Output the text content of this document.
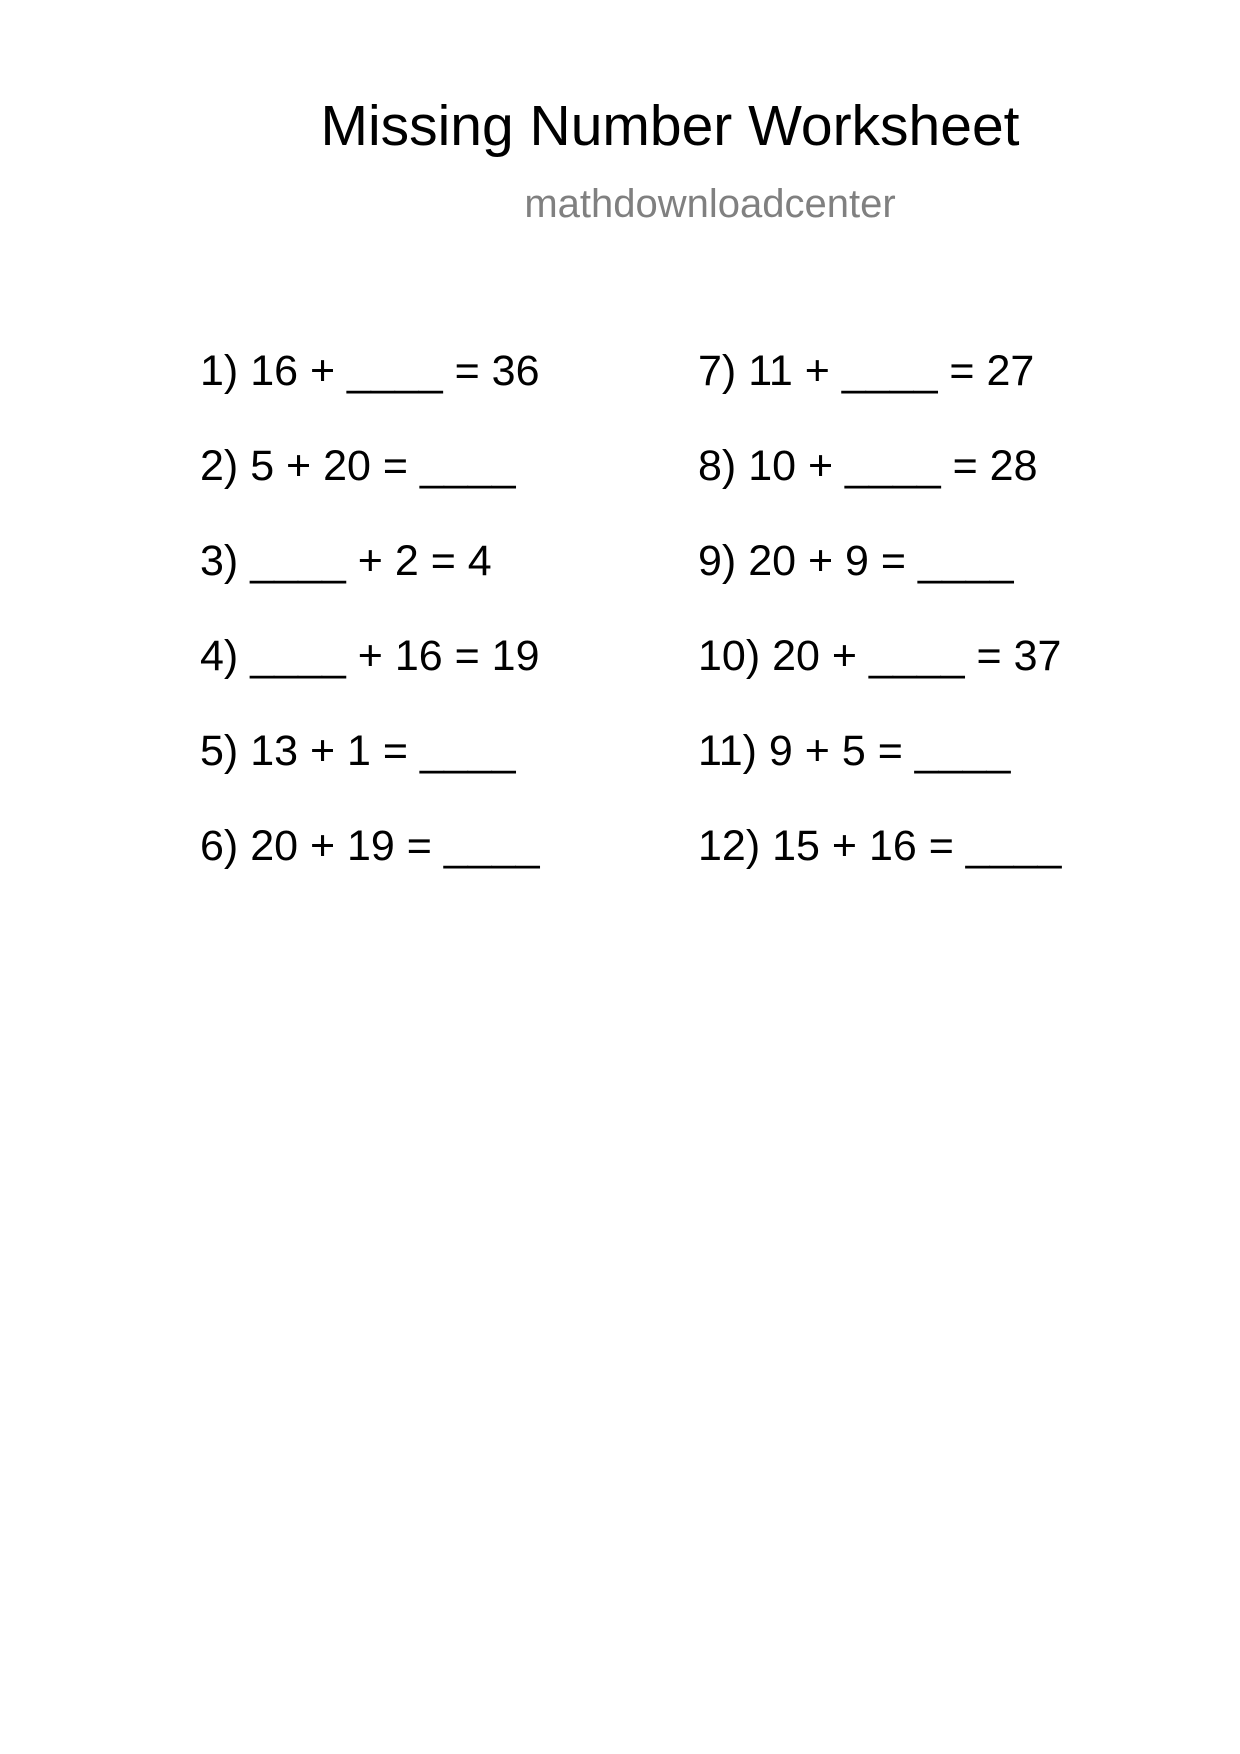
Missing Number Worksheet
mathdownloadcenter
1) 16 + ____ = 36
2) 5 + 20 = ____
3) ____ + 2 = 4
4) ____ + 16 = 19
5) 13 + 1 = ____
6) 20 + 19 = ____
7) 11 + ____ = 27
8) 10 + ____ = 28
9) 20 + 9 = ____
10) 20 + ____ = 37
11) 9 + 5 = ____
12) 15 + 16 = ____
